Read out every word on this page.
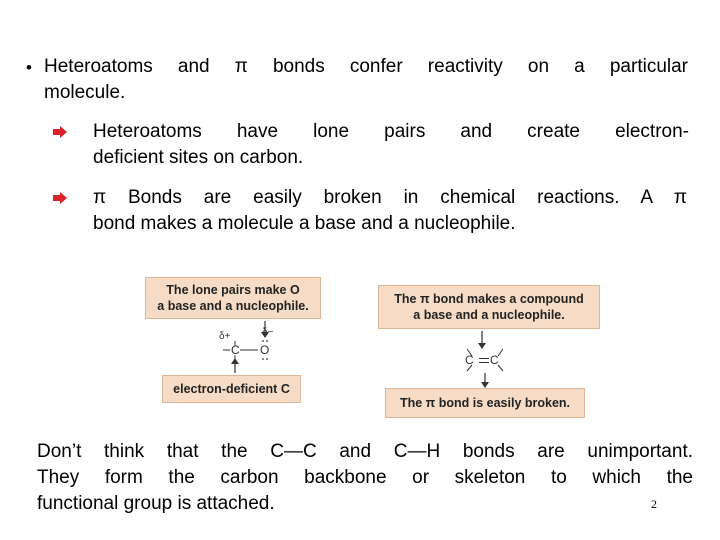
• Heteroatoms and π bonds confer reactivity on a particular
molecule.
Heteroatoms have lone pairs and create electron-
deficient sites on carbon.
π Bonds are easily broken in chemical reactions. A π
bond makes a molecule a base and a nucleophile.
The lone pairs make O
a base and a nucleophile.
electron-deficient C
δ+	δ−
C O
The π bond makes a compound
a base and a nucleophile.
The π bond is easily broken.
C C
Don’t think that the C—C and C—H bonds are unimportant.
They form the carbon backbone or skeleton to which the
functional group is attached.	2
